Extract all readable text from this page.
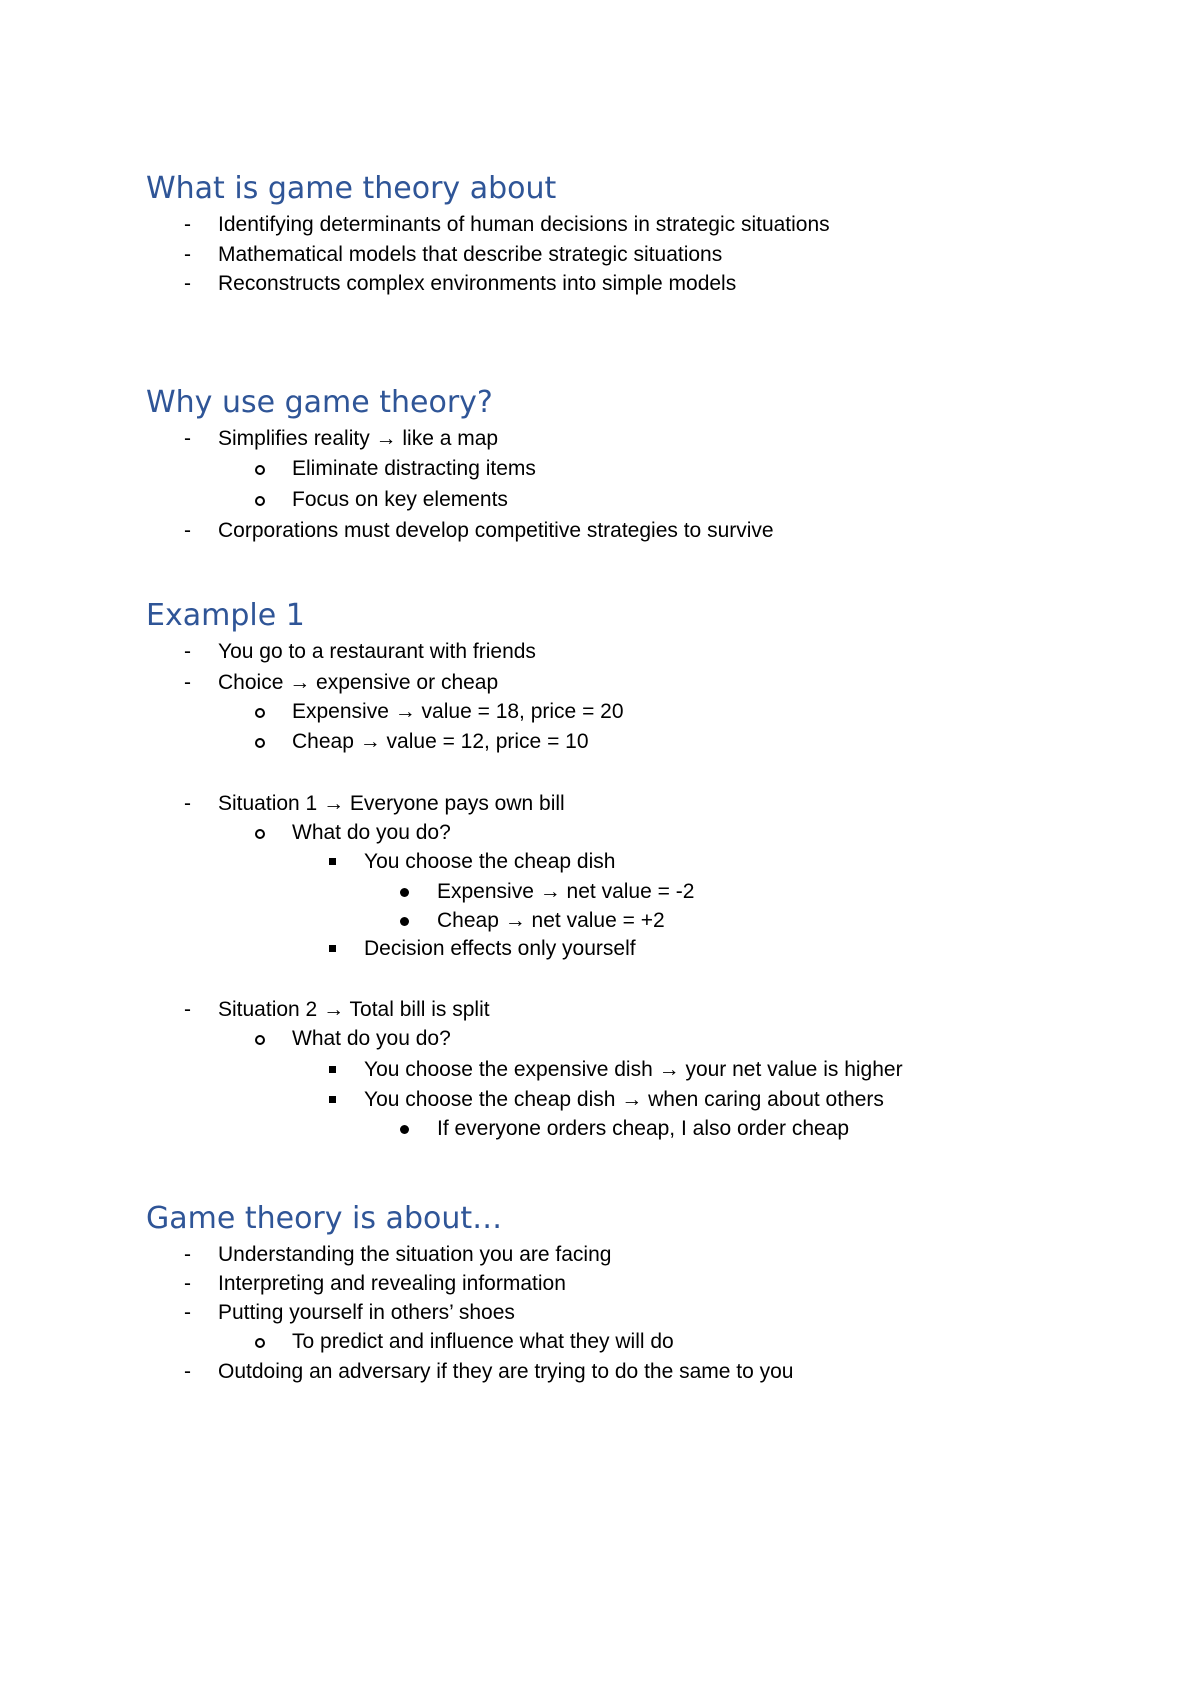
What is game theory about
- Identifying determinants of human decisions in strategic situations
- Mathematical models that describe strategic situations
- Reconstructs complex environments into simple models
Why use game theory?
- Simplifies reality → like a map
Eliminate distracting items
Focus on key elements
- Corporations must develop competitive strategies to survive
Example 1
- You go to a restaurant with friends
- Choice → expensive or cheap
Expensive → value = 18, price = 20
Cheap → value = 12, price = 10
- Situation 1 → Everyone pays own bill
What do you do?
You choose the cheap dish
Expensive → net value = -2
Cheap → net value = +2
Decision effects only yourself
- Situation 2 → Total bill is split
What do you do?
You choose the expensive dish → your net value is higher
You choose the cheap dish → when caring about others
If everyone orders cheap, I also order cheap
Game theory is about…
- Understanding the situation you are facing
- Interpreting and revealing information
- Putting yourself in others’ shoes
To predict and influence what they will do
- Outdoing an adversary if they are trying to do the same to you
